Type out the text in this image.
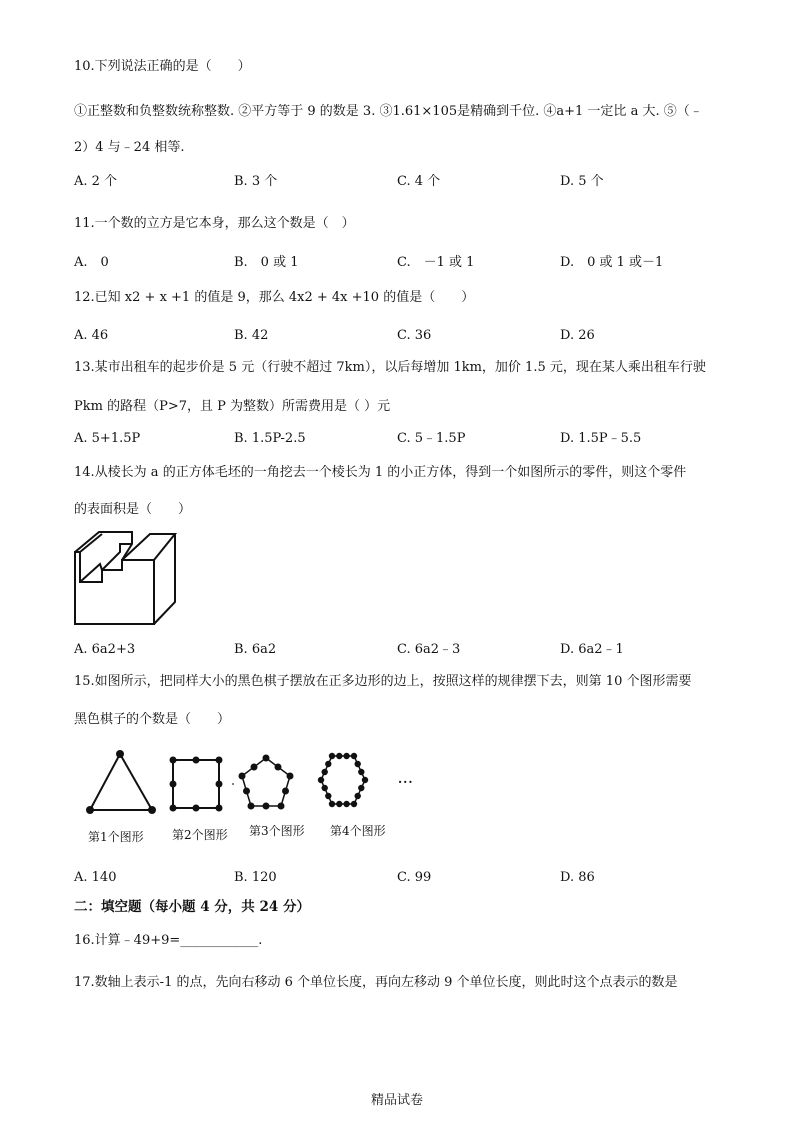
10.下列说法正确的是（　　）
①正整数和负整数统称整数. ②平方等于 9 的数是 3. ③1.61×105是精确到千位. ④a+1 一定比 a 大. ⑤（﹣
2）4 与﹣24 相等.
A. 2 个	B. 3 个	C. 4 个	D. 5 个
11.一个数的立方是它本身，那么这个数是（　）
A.　0	B.　0 或 1	C.　－1 或 1	D.　0 或 1 或－1
12.已知 x2 + x +1 的值是 9，那么 4x2 + 4x +10 的值是（　　）
A. 46	B. 42	C. 36	D. 26
13.某市出租车的起步价是 5 元（行驶不超过 7km），以后每增加 1km，加价 1.5 元，现在某人乘出租车行驶
Pkm 的路程（P>7，且 P 为整数）所需费用是（ ）元
A. 5+1.5P	B. 1.5P-2.5	C. 5﹣1.5P	D. 1.5P﹣5.5
14.从棱长为 a 的正方体毛坯的一角挖去一个棱长为 1 的小正方体，得到一个如图所示的零件，则这个零件
的表面积是（　　）
A. 6a2+3	B. 6a2	C. 6a2﹣3	D. 6a2﹣1
15.如图所示，把同样大小的黑色棋子摆放在正多边形的边上，按照这样的规律摆下去，则第 10 个图形需要
黑色棋子的个数是（　　）
···
第1个图形 第2个图形 第3个图形 第4个图形
A. 140	B. 120	C. 99	D. 86
二：填空题（每小题 4 分，共 24 分）
16.计算﹣49+9=____________.
17.数轴上表示-1 的点，先向右移动 6 个单位长度，再向左移动 9 个单位长度，则此时这个点表示的数是
精品试卷
